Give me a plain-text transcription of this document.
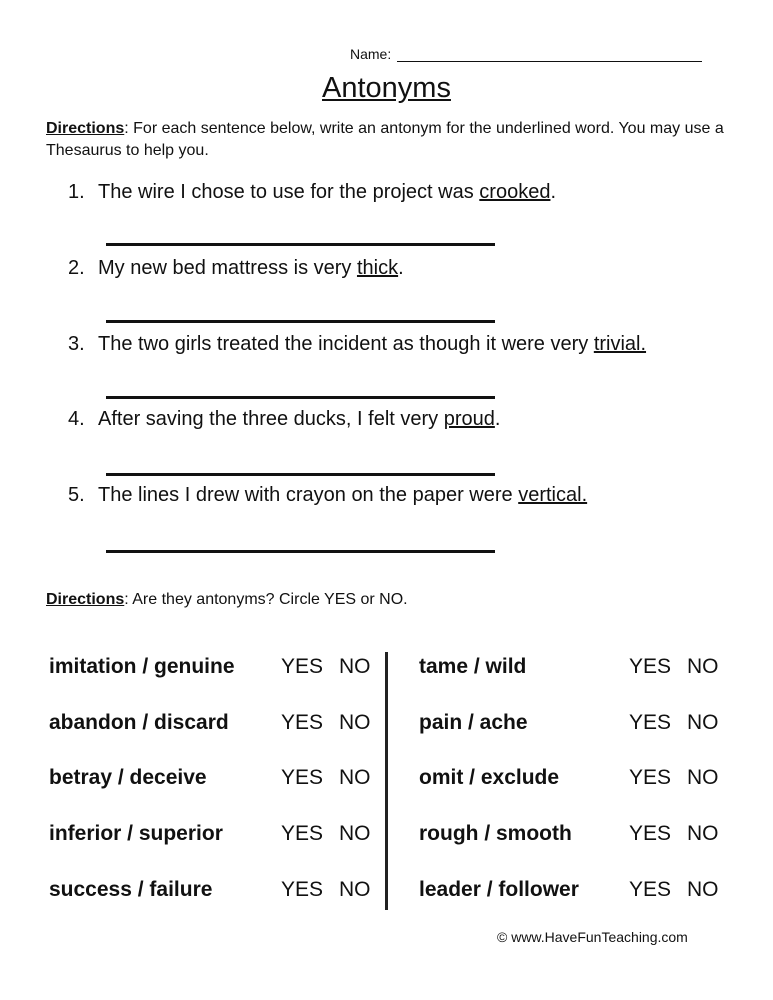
Name:
Antonyms
Directions: For each sentence below, write an antonym for the underlined word. You may use a Thesaurus to help you.
1. The wire I chose to use for the project was crooked.
2. My new bed mattress is very thick.
3. The two girls treated the incident as though it were very trivial.
4. After saving the three ducks, I felt very proud.
5. The lines I drew with crayon on the paper were vertical.
Directions: Are they antonyms? Circle YES or NO.
imitation / genuine YES NO
abandon / discard YES NO
betray / deceive	YES NO
inferior / superior	YES NO
success / failure	YES NO
tame / wild	YES NO
pain / ache	YES NO
omit / exclude	YES NO
rough / smooth	YES NO
leader / follower YES NO
© www.HaveFunTeaching.com
